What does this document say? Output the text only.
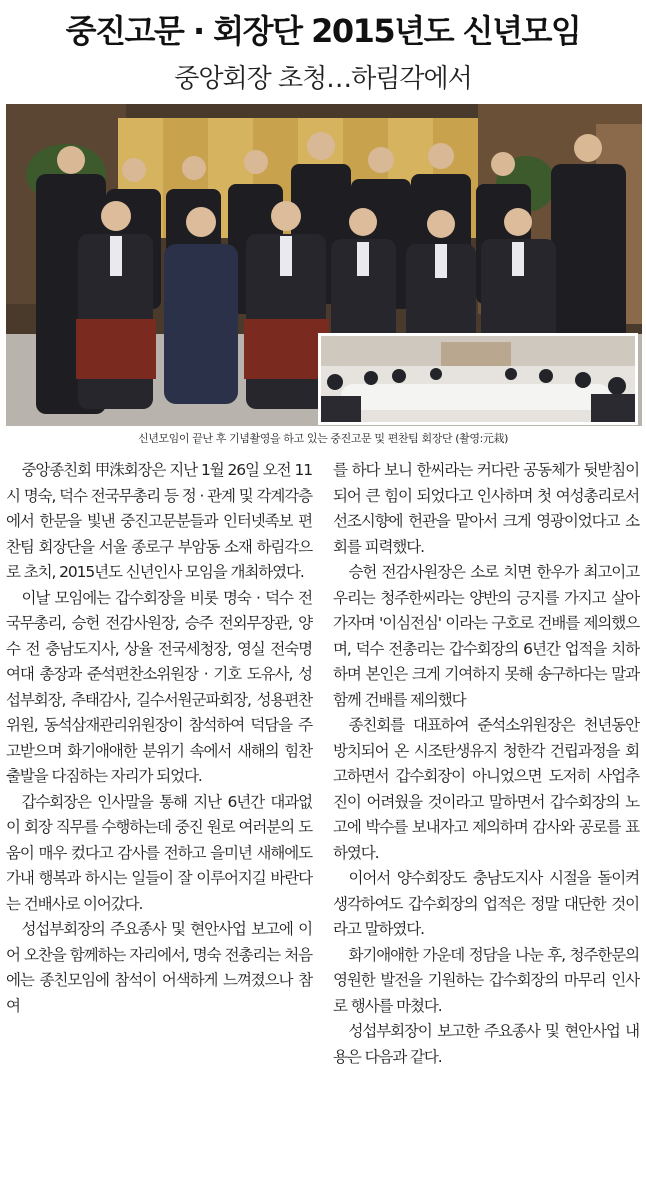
중진고문 · 회장단 2015년도 신년모임
중앙회장 초청…하림각에서
신년모임이 끝난 후 기념촬영을 하고 있는 중진고문 및 편찬팀 회장단 (촬영:元栽)

중앙종친회 甲洙회장은 지난 1월 26일 오전 11시 명숙, 덕수 전국무총리 등 정 · 관계 및 각계각층에서 한문을 빛낸 중진고문분들과 인터넷족보 편찬팀 회장단을 서울 종로구 부암동 소재 하림각으로 초치, 2015년도 신년인사 모임을 개최하였다.

이날 모임에는 갑수회장을 비롯 명숙 · 덕수 전국무총리, 승헌 전감사원장, 승주 전외무장관, 양수 전 충남도지사, 상율 전국세청장, 영실 전숙명여대 총장과 준석편찬소위원장 · 기호 도유사, 성섭부회장, 추태감사, 길수서원군파회장, 성용편찬위원, 동석삼재관리위원장이 참석하여 덕담을 주고받으며 화기애애한 분위기 속에서 새해의 힘찬 출발을 다짐하는 자리가 되었다.

갑수회장은 인사말을 통해 지난 6년간 대과없이 회장 직무를 수행하는데 중진 원로 여러분의 도움이 매우 컸다고 감사를 전하고 을미년 새해에도 가내 행복과 하시는 일들이 잘 이루어지길 바란다는 건배사로 이어갔다.

성섭부회장의 주요종사 및 현안사업 보고에 이어 오찬을 함께하는 자리에서, 명숙 전총리는 처음에는 종친모임에 참석이 어색하게 느껴졌으나 참여

를 하다 보니 한씨라는 커다란 공동체가 뒷받침이 되어 큰 힘이 되었다고 인사하며 첫 여성총리로서 선조시향에 헌관을 맡아서 크게 영광이었다고 소회를 피력했다.

승헌 전감사원장은 소로 치면 한우가 최고이고 우리는 청주한씨라는 양반의 긍지를 가지고 살아가자며 '이심전심' 이라는 구호로 건배를 제의했으며, 덕수 전총리는 갑수회장의 6년간 업적을 치하하며 본인은 크게 기여하지 못해 송구하다는 말과 함께 건배를 제의했다

종친회를 대표하여 준석소위원장은 천년동안 방치되어 온 시조탄생유지 청한각 건립과정을 회고하면서 갑수회장이 아니었으면 도저히 사업추진이 어려웠을 것이라고 말하면서 갑수회장의 노고에 박수를 보내자고 제의하며 감사와 공로를 표하였다.

이어서 양수회장도 충남도지사 시절을 돌이켜 생각하여도 갑수회장의 업적은 정말 대단한 것이라고 말하였다.

화기애애한 가운데 정담을 나눈 후, 청주한문의 영원한 발전을 기원하는 갑수회장의 마무리 인사로 행사를 마쳤다.

성섭부회장이 보고한 주요종사 및 현안사업 내용은 다음과 같다.
